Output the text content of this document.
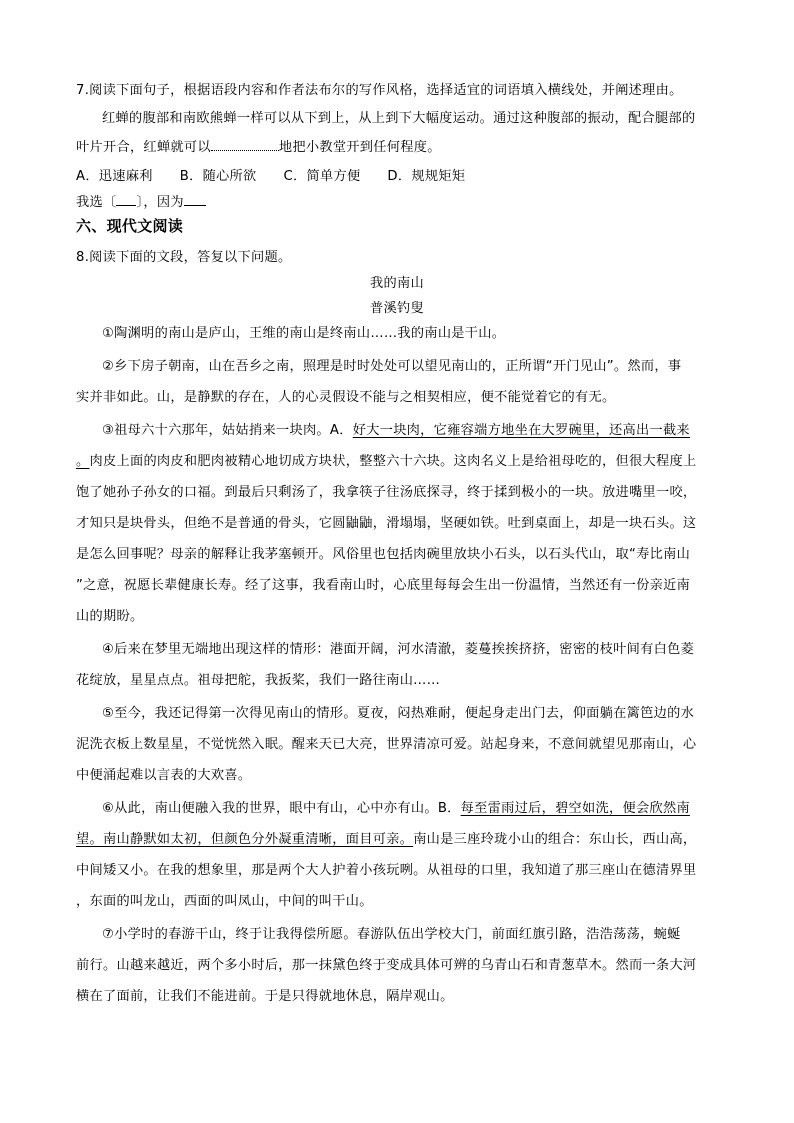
7.阅读下面句子，根据语段内容和作者法布尔的写作风格，选择适宜的词语填入横线处，并阐述理由。
红蝉的腹部和南欧熊蝉一样可以从下到上，从上到下大幅度运动。通过这种腹部的振动，配合腿部的
叶片开合，红蝉就可以	地把小教堂开到任何程度。
A．迅速麻利　　B．随心所欲　　C．简单方便　　D．规规矩矩
我选〔 〕，因为
六、现代文阅读
8.阅读下面的文段，答复以下问题。
我的南山
普溪钓叟
①陶渊明的南山是庐山，王维的南山是终南山……我的南山是干山。
②乡下房子朝南，山在吾乡之南，照理是时时处处可以望见南山的，正所谓“开门见山”。然而，事
实并非如此。山，是静默的存在，人的心灵假设不能与之相契相应，便不能觉着它的有无。
③祖母六十六那年，姑姑捎来一块肉。A．好大一块肉，它雍容端方地坐在大罗碗里，还高出一截来
。肉皮上面的肉皮和肥肉被精心地切成方块状，整整六十六块。这肉名义上是给祖母吃的，但很大程度上
饱了她孙子孙女的口福。到最后只剩汤了，我拿筷子往汤底探寻，终于揉到极小的一块。放进嘴里一咬，
才知只是块骨头，但绝不是普通的骨头，它圆鼬鼬，滑塌塌，坚硬如铁。吐到桌面上，却是一块石头。这
是怎么回事呢？母亲的解释让我茅塞顿开。风俗里也包括肉碗里放块小石头，以石头代山，取“寿比南山
”之意，祝愿长辈健康长寿。经了这事，我看南山时，心底里每每会生出一份温情，当然还有一份亲近南
山的期盼。
④后来在梦里无端地出现这样的情形：港面开阔，河水清澈，菱蔓挨挨挤挤，密密的枝叶间有白色菱
花绽放，星星点点。祖母把舵，我扳桨，我们一路往南山……
⑤至今，我还记得第一次得见南山的情形。夏夜，闷热难耐，便起身走出门去，仰面躺在篱笆边的水
泥洗衣板上数星星，不觉恍然入眠。醒来天已大亮，世界清凉可爱。站起身来，不意间就望见那南山，心
中便涌起难以言表的大欢喜。
⑥从此，南山便融入我的世界，眼中有山，心中亦有山。B．每至雷雨过后，碧空如洗，便会欣然南
望。南山静默如太初，但颜色分外凝重清晰，面目可亲。南山是三座玲珑小山的组合：东山长，西山高，
中间矮又小。在我的想象里，那是两个大人护着小孩玩咧。从祖母的口里，我知道了那三座山在德清界里
，东面的叫龙山，西面的叫凤山，中间的叫干山。
⑦小学时的春游干山，终于让我得偿所愿。春游队伍出学校大门，前面红旗引路，浩浩荡荡，蜿蜒
前行。山越来越近，两个多小时后，那一抹黛色终于变成具体可辨的乌青山石和青葱草木。然而一条大河
横在了面前，让我们不能进前。于是只得就地休息，隔岸观山。
